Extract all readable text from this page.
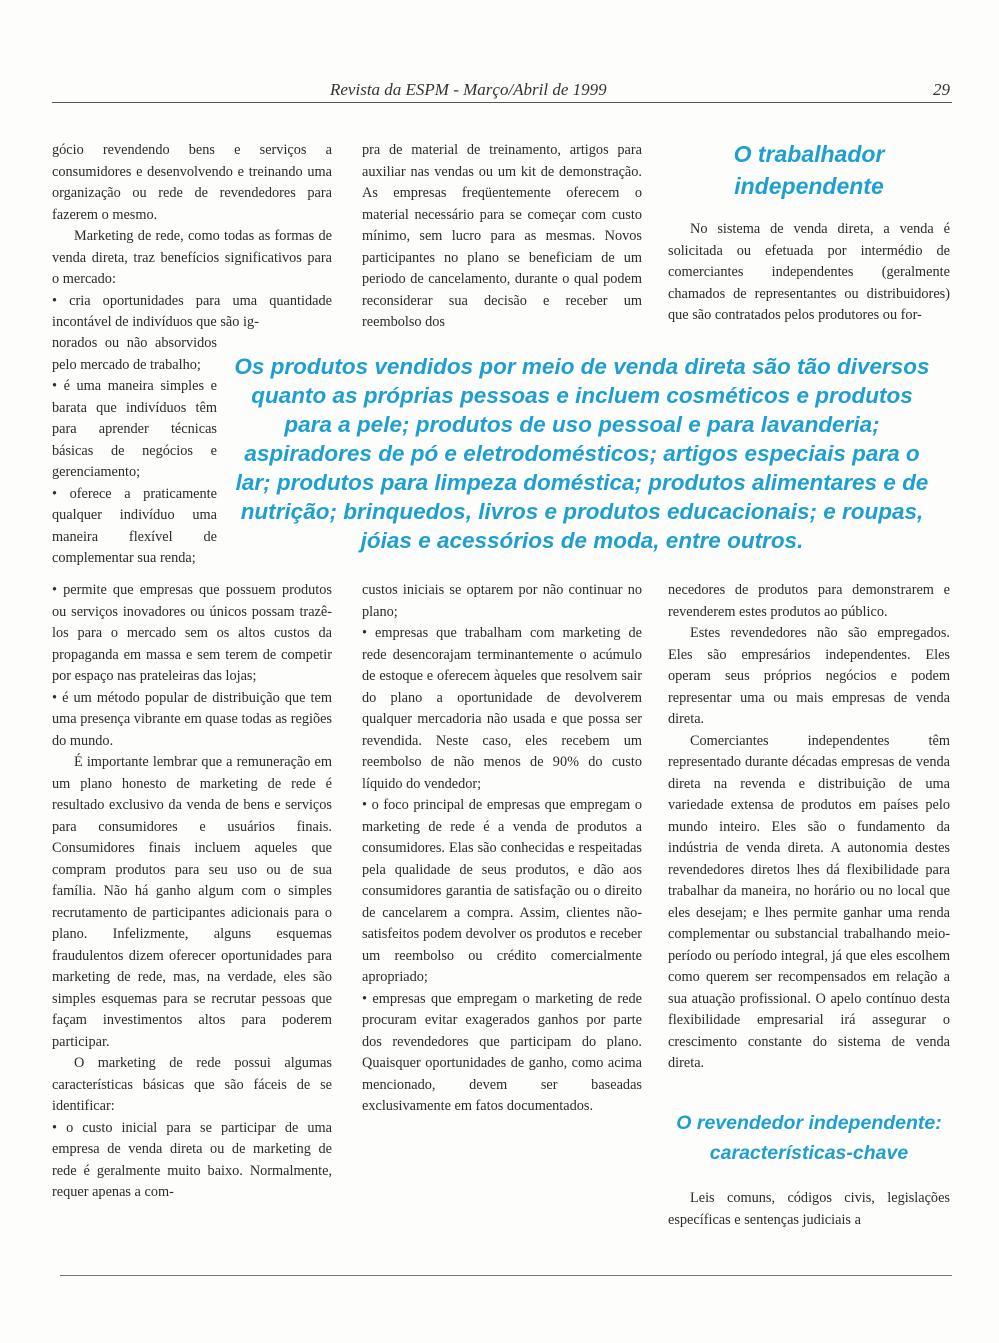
Revista da ESPM - Março/Abril de 1999	29

gócio revendendo bens e serviços a consumidores e desenvolvendo e treinando uma organização ou rede de revendedores para fazerem o mesmo.

Marketing de rede, como todas as formas de venda direta, traz benefícios significativos para o mercado:

• cria oportunidades para uma quantidade incontável de indivíduos que são ig-

norados ou não absorvidos pelo mercado de trabalho;

• é uma maneira simples e barata que indivíduos têm para aprender técnicas básicas de negócios e gerenciamento;

• oferece a praticamente qualquer indivíduo uma maneira flexível de complementar sua renda;

• permite que empresas que possuem produtos ou serviços inovadores ou únicos possam trazê-los para o mercado sem os altos custos da propaganda em massa e sem terem de competir por espaço nas prateleiras das lojas;

• é um método popular de distribuição que tem uma presença vibrante em quase todas as regiões do mundo.

É importante lembrar que a remuneração em um plano honesto de marketing de rede é resultado exclusivo da venda de bens e serviços para consumidores e usuários finais. Consumidores finais incluem aqueles que compram produtos para seu uso ou de sua família. Não há ganho algum com o simples recrutamento de participantes adicionais para o plano. Infelizmente, alguns esquemas fraudulentos dizem oferecer oportunidades para marketing de rede, mas, na verdade, eles são simples esquemas para se recrutar pessoas que façam investimentos altos para poderem participar.

O marketing de rede possui algumas características básicas que são fáceis de se identificar:

• o custo inicial para se participar de uma empresa de venda direta ou de marketing de rede é geralmente muito baixo. Normalmente, requer apenas a com-

pra de material de treinamento, artigos para auxiliar nas vendas ou um kit de demonstração. As empresas freqüentemente oferecem o material necessário para se começar com custo mínimo, sem lucro para as mesmas. Novos participantes no plano se beneficiam de um periodo de cancelamento, durante o qual podem reconsiderar sua decisão e receber um reembolso dos

custos iniciais se optarem por não continuar no plano;

• empresas que trabalham com marketing de rede desencorajam terminantemente o acúmulo de estoque e oferecem àqueles que resolvem sair do plano a oportunidade de devolverem qualquer mercadoria não usada e que possa ser revendida. Neste caso, eles recebem um reembolso de não menos de 90% do custo líquido do vendedor;

• o foco principal de empresas que empregam o marketing de rede é a venda de produtos a consumidores. Elas são conhecidas e respeitadas pela qualidade de seus produtos, e dão aos consumidores garantia de satisfação ou o direito de cancelarem a compra. Assim, clientes não-satisfeitos podem devolver os produtos e receber um reembolso ou crédito comercialmente apropriado;

• empresas que empregam o marketing de rede procuram evitar exagerados ganhos por parte dos revendedores que participam do plano. Quaisquer oportunidades de ganho, como acima mencionado, devem ser baseadas exclusivamente em fatos documentados.

O trabalhador independente

No sistema de venda direta, a venda é solicitada ou efetuada por intermédio de comerciantes independentes (geralmente chamados de representantes ou distribuidores) que são contratados pelos produtores ou for-

necedores de produtos para demonstrarem e revenderem estes produtos ao público.

Estes revendedores não são empregados. Eles são empresários independentes. Eles operam seus próprios negócios e podem representar uma ou mais empresas de venda direta.

Comerciantes independentes têm representado durante décadas empresas de venda direta na revenda e distribuição de uma variedade extensa de produtos em países pelo mundo inteiro. Eles são o fundamento da indústria de venda direta. A autonomia destes revendedores diretos lhes dá flexibilidade para trabalhar da maneira, no horário ou no local que eles desejam; e lhes permite ganhar uma renda complementar ou substancial trabalhando meio-período ou período integral, já que eles escolhem como querem ser recompensados em relação a sua atuação profissional. O apelo contínuo desta flexibilidade empresarial irá assegurar o crescimento constante do sistema de venda direta.

O revendedor independente: características-chave

Leis comuns, códigos civis, legislações específicas e sentenças judiciais a

Os produtos vendidos por meio de venda direta são tão diversos quanto as próprias pessoas e incluem cosméticos e produtos para a pele; produtos de uso pessoal e para lavanderia; aspiradores de pó e eletrodomésticos; artigos especiais para o lar; produtos para limpeza doméstica; produtos alimentares e de nutrição; brinquedos, livros e produtos educacionais; e roupas, jóias e acessórios de moda, entre outros.
